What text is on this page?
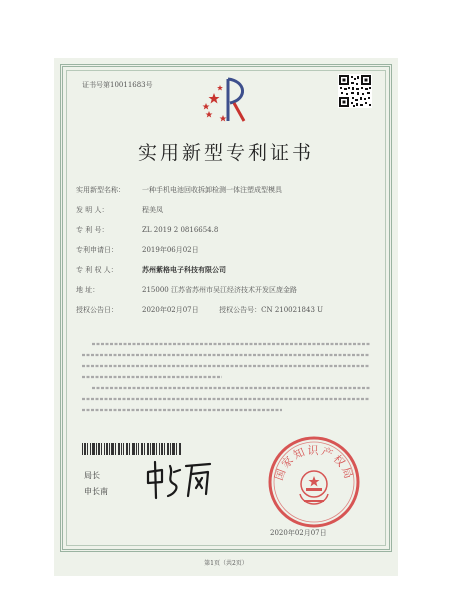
证书号第10011683号
实用新型专利证书
实用新型名称： 一种手机电池回收拆卸检测一体注塑成型模具
发 明 人：	程美凤
专 利 号：	ZL 2019 2 0816654.8
专利申请日：	2019年06月02日
专 利 权 人：	苏州紫格电子科技有限公司
地 址：	215000 江苏省苏州市吴江经济技术开发区庞金路
授权公告日：	2020年02月07日	授权公告号：CN 210021843 U
局长
申长南
国家知识产权局
2020年02月07日
第1页（共2页）
